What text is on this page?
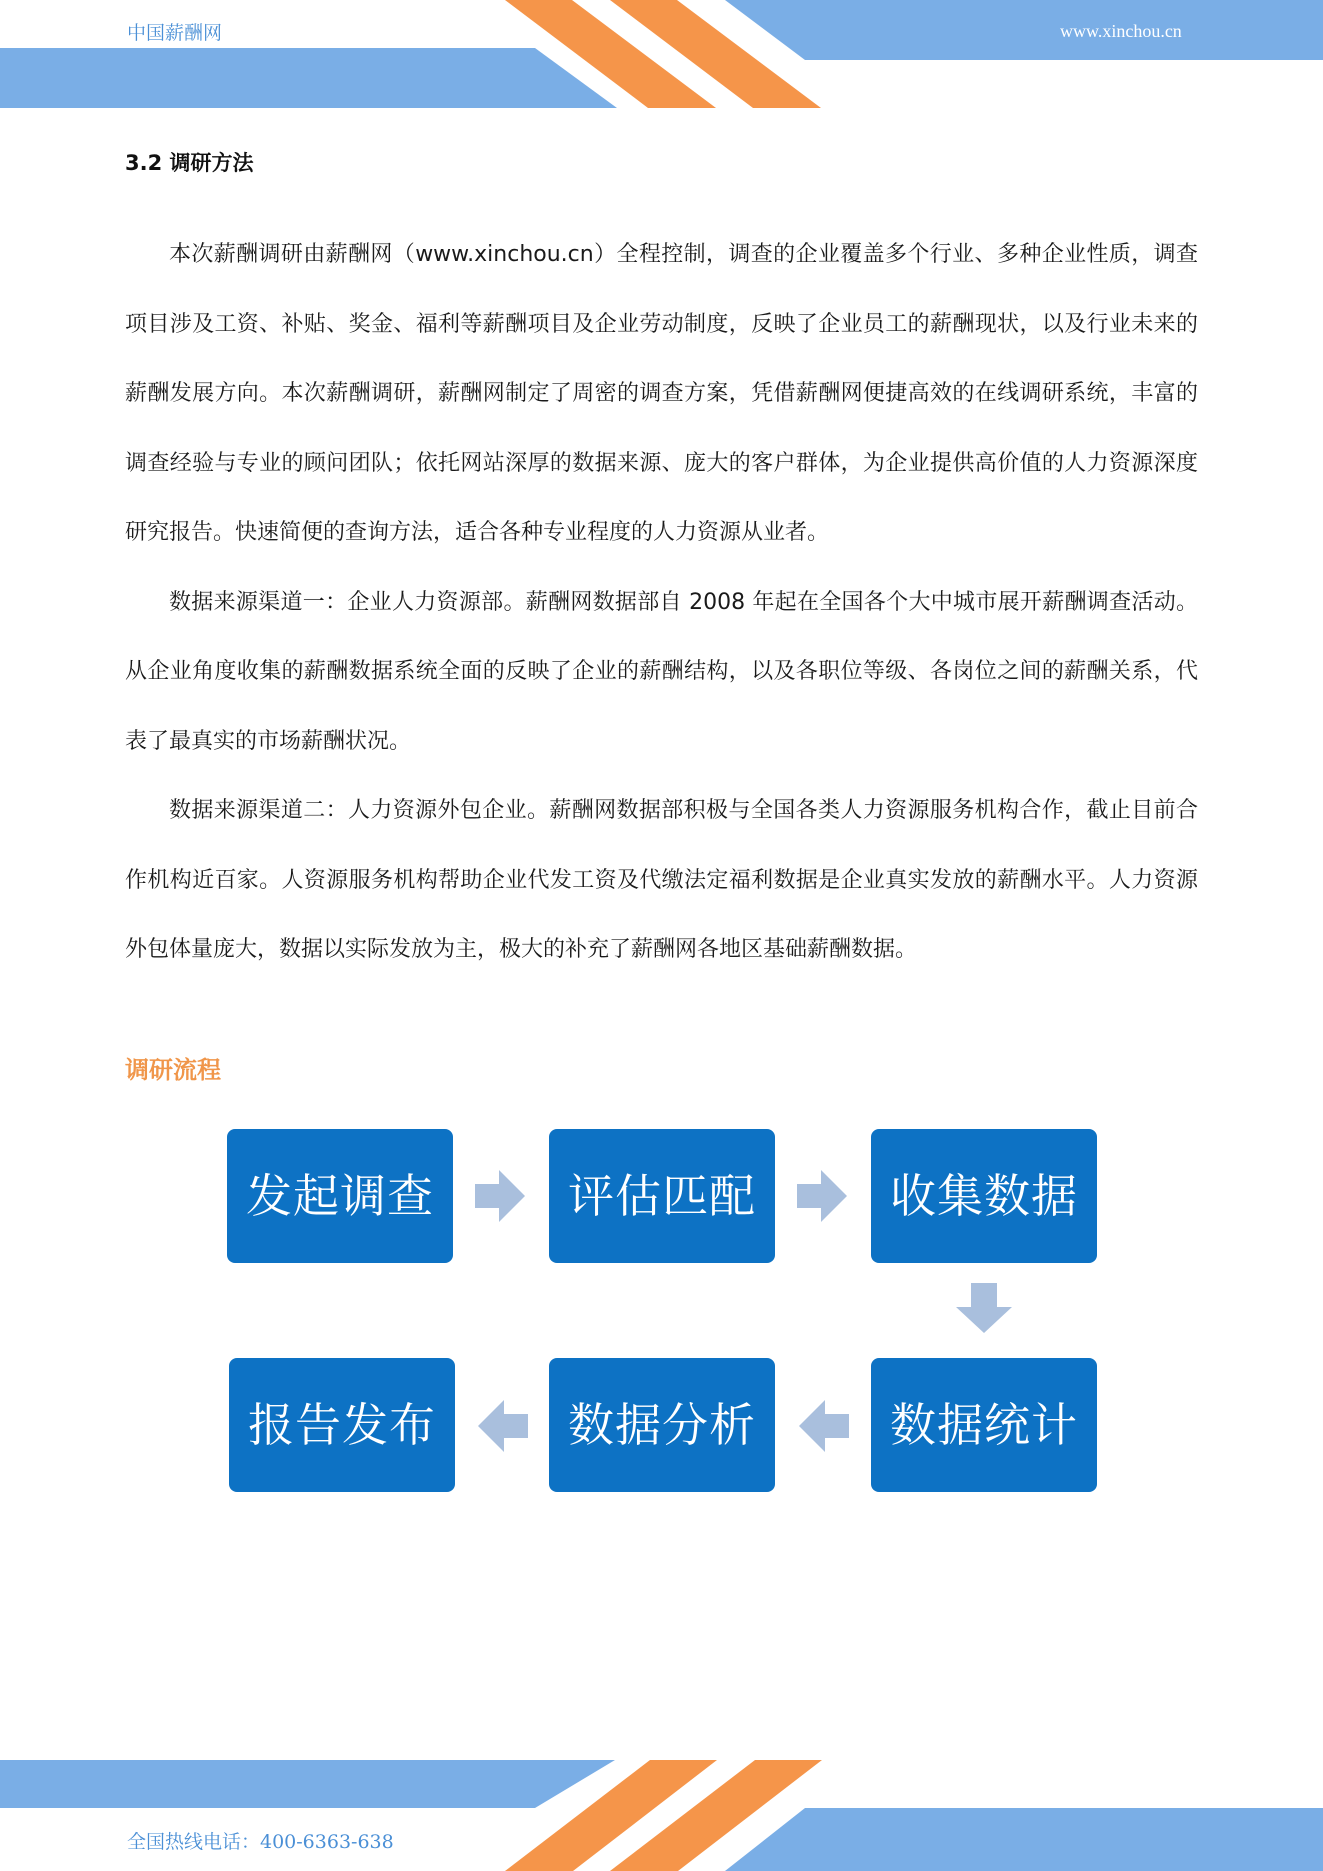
中国薪酬网	www.xinchou.cn
3.2 调研方法

本次薪酬调研由薪酬网（www.xinchou.cn）全程控制，调查的企业覆盖多个行业、多种企业性质，调查项目涉及工资、补贴、奖金、福利等薪酬项目及企业劳动制度，反映了企业员工的薪酬现状，以及行业未来的薪酬发展方向。本次薪酬调研，薪酬网制定了周密的调查方案，凭借薪酬网便捷高效的在线调研系统，丰富的调查经验与专业的顾问团队；依托网站深厚的数据来源、庞大的客户群体，为企业提供高价值的人力资源深度研究报告。快速简便的查询方法，适合各种专业程度的人力资源从业者。

数据来源渠道一：企业人力资源部。薪酬网数据部自 2008 年起在全国各个大中城市展开薪酬调查活动。从企业角度收集的薪酬数据系统全面的反映了企业的薪酬结构，以及各职位等级、各岗位之间的薪酬关系，代表了最真实的市场薪酬状况。

数据来源渠道二：人力资源外包企业。薪酬网数据部积极与全国各类人力资源服务机构合作，截止目前合作机构近百家。人资源服务机构帮助企业代发工资及代缴法定福利数据是企业真实发放的薪酬水平。人力资源外包体量庞大，数据以实际发放为主，极大的补充了薪酬网各地区基础薪酬数据。

调研流程
发起调查	评估匹配	收集数据
数据统计
数据分析
报告发布
全国热线电话：400-6363-638
